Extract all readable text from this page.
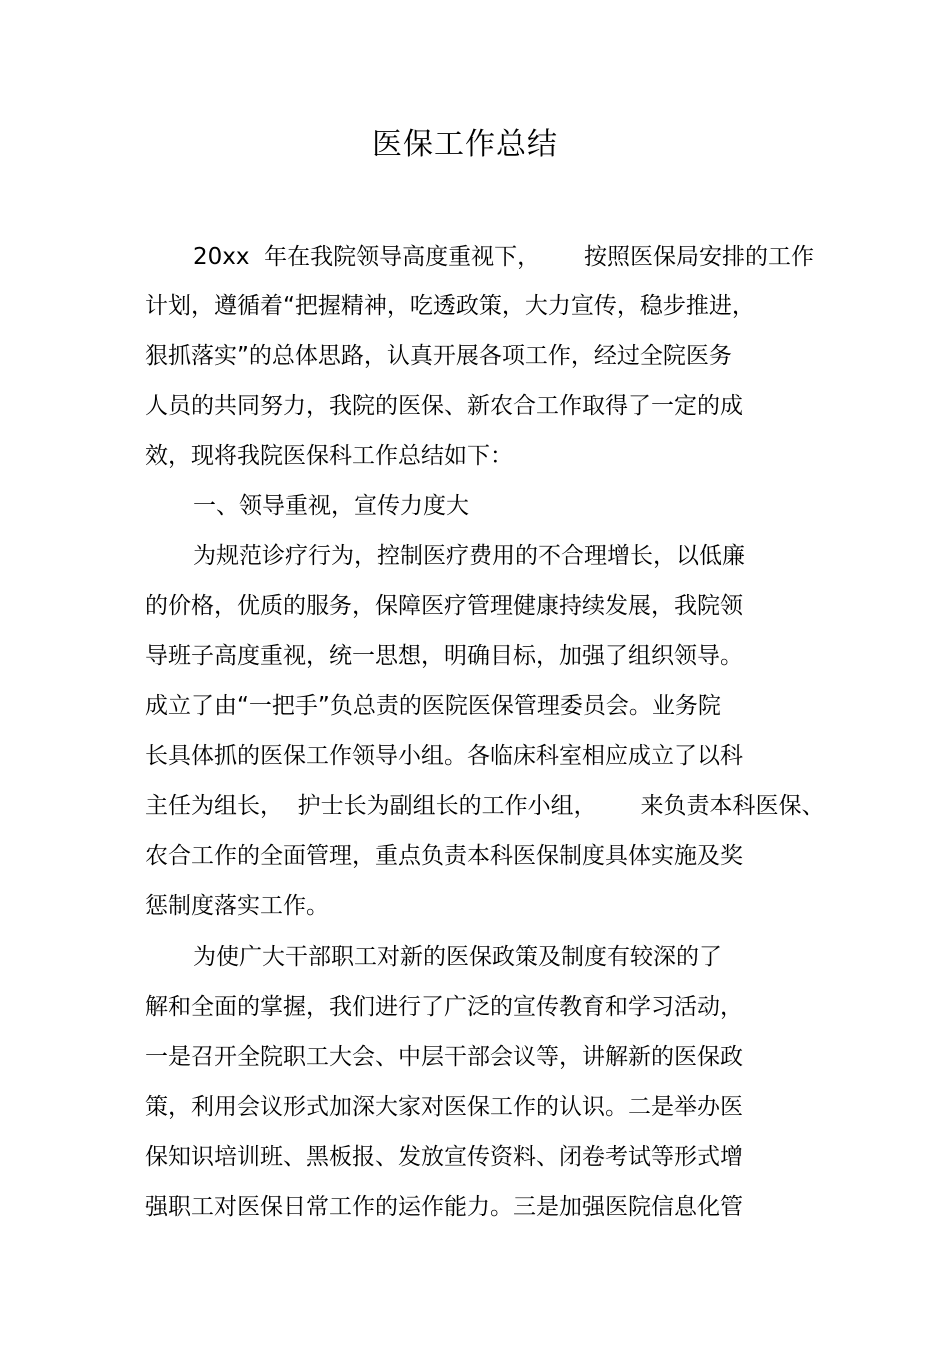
医保工作总结
20xx  年在我院领导高度重视下，      按照医保局安排的工作
计划，遵循着“把握精神，吃透政策，大力宣传，稳步推进，
狠抓落实”的总体思路，认真开展各项工作，经过全院医务
人员的共同努力，我院的医保、新农合工作取得了一定的成
效，现将我院医保科工作总结如下：
一、领导重视，宣传力度大
为规范诊疗行为，控制医疗费用的不合理增长，以低廉
的价格，优质的服务，保障医疗管理健康持续发展，我院领
导班子高度重视，统一思想，明确目标，加强了组织领导。
成立了由“一把手”负总责的医院医保管理委员会。业务院
长具体抓的医保工作领导小组。各临床科室相应成立了以科
主任为组长，  护士长为副组长的工作小组，      来负责本科医保、
农合工作的全面管理，重点负责本科医保制度具体实施及奖
惩制度落实工作。
为使广大干部职工对新的医保政策及制度有较深的了
解和全面的掌握，我们进行了广泛的宣传教育和学习活动，
一是召开全院职工大会、中层干部会议等，讲解新的医保政
策，利用会议形式加深大家对医保工作的认识。二是举办医
保知识培训班、黑板报、发放宣传资料、闭卷考试等形式增
强职工对医保日常工作的运作能力。三是加强医院信息化管
